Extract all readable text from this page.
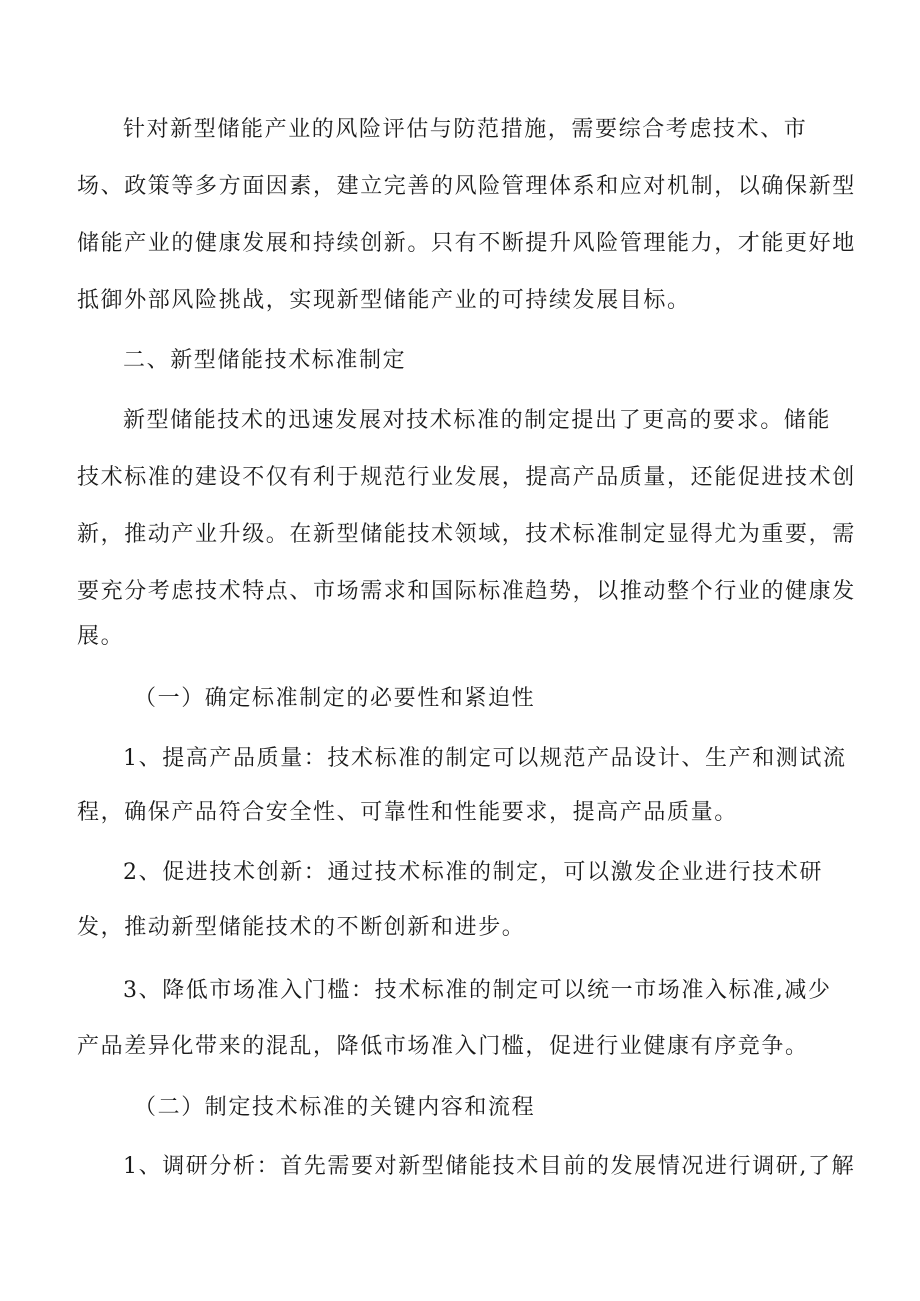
针对新型储能产业的风险评估与防范措施，需要综合考虑技术、市
场、政策等多方面因素，建立完善的风险管理体系和应对机制，以确保新型
储能产业的健康发展和持续创新。只有不断提升风险管理能力，才能更好地
抵御外部风险挑战，实现新型储能产业的可持续发展目标。
二、新型储能技术标准制定
新型储能技术的迅速发展对技术标准的制定提出了更高的要求。储能
技术标准的建设不仅有利于规范行业发展，提高产品质量，还能促进技术创
新，推动产业升级。在新型储能技术领域，技术标准制定显得尤为重要，需
要充分考虑技术特点、市场需求和国际标准趋势，以推动整个行业的健康发
展。
（一）确定标准制定的必要性和紧迫性
1、提高产品质量：技术标准的制定可以规范产品设计、生产和测试流
程，确保产品符合安全性、可靠性和性能要求，提高产品质量。
2、促进技术创新：通过技术标准的制定，可以激发企业进行技术研
发，推动新型储能技术的不断创新和进步。
3、降低市场准入门槛：技术标准的制定可以统一市场准入标准,减少
产品差异化带来的混乱，降低市场准入门槛，促进行业健康有序竞争。
（二）制定技术标准的关键内容和流程
1、调研分析：首先需要对新型储能技术目前的发展情况进行调研,了解
